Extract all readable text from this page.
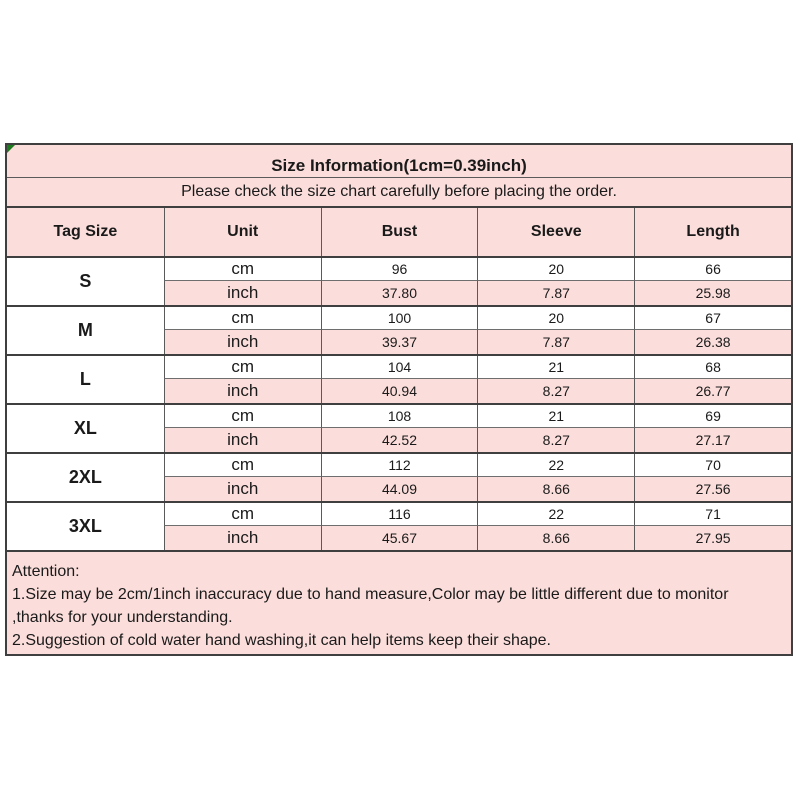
Size Information(1cm=0.39inch)
Please check the size chart carefully before placing the order.
Tag Size	Unit	Bust	Sleeve	Length
S
cm	96	20	66
inch	37.80	7.87	25.98
M
cm	100	20	67
inch	39.37	7.87	26.38
L
cm	104	21	68
inch	40.94	8.27	26.77
XL
cm	108	21	69
inch	42.52	8.27	27.17
2XL
cm	112	22	70
inch	44.09	8.66	27.56
3XL
cm	116	22	71
inch	45.67	8.66	27.95
Attention:
1.Size may be 2cm/1inch inaccuracy due to hand measure,Color may be little different due to monitor
,thanks for your understanding.
2.Suggestion of cold water hand washing,it can help items keep their shape.
